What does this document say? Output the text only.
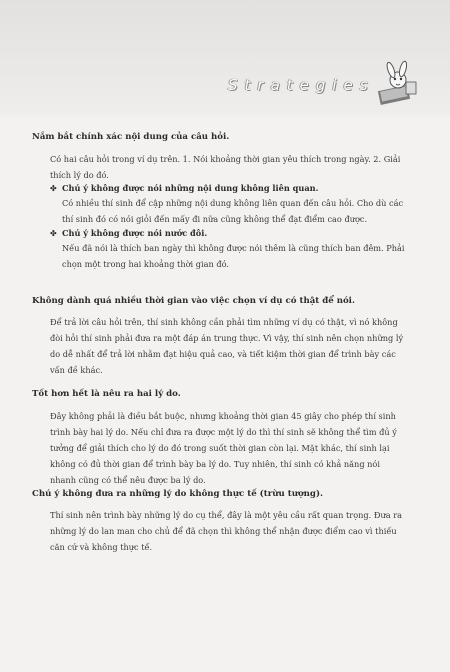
Strategies
Nắm bắt chính xác nội dung của câu hỏi.
Có hai câu hỏi trong ví dụ trên. 1. Nói khoảng thời gian yêu thích trong ngày. 2. Giải thích lý do đó.
✤ Chú ý không được nói những nội dung không liên quan.
Có nhiều thí sinh để cập những nội dung không liên quan đến câu hỏi. Cho dù các thí sinh đó có nói giỏi đến mấy đi nữa cũng không thể đạt điểm cao được.
✤ Chú ý không được nói nước đôi.
Nếu đã nói là thích ban ngày thì không được nói thêm là cũng thích ban đêm. Phải chọn một trong hai khoảng thời gian đó.
Không dành quá nhiều thời gian vào việc chọn ví dụ có thật để nói.
Để trả lời câu hỏi trên, thí sinh không cần phải tìm những ví dụ có thật, vì nó không đòi hỏi thí sinh phải đưa ra một đáp án trung thực. Vì vậy, thí sinh nên chọn những lý do dễ nhất để trả lời nhằm đạt hiệu quả cao, và tiết kiệm thời gian để trình bày các vấn đề khác.
Tốt hơn hết là nêu ra hai lý do.
Đây không phải là điều bắt buộc, nhưng khoảng thời gian 45 giây cho phép thí sinh trình bày hai lý do. Nếu chỉ đưa ra được một lý do thì thí sinh sẽ không thể tìm đủ ý tưởng để giải thích cho lý do đó trong suốt thời gian còn lại. Mặt khác, thí sinh lại không có đủ thời gian để trình bày ba lý do. Tuy nhiên, thí sinh có khả năng nói nhanh cũng có thể nêu được ba lý do.
Chú ý không đưa ra những lý do không thực tế (trừu tượng).
Thí sinh nên trình bày những lý do cụ thể, đây là một yêu cầu rất quan trọng. Đưa ra những lý do lan man cho chủ để đã chọn thì không thể nhận được điểm cao vì thiếu căn cứ và không thực tế.
